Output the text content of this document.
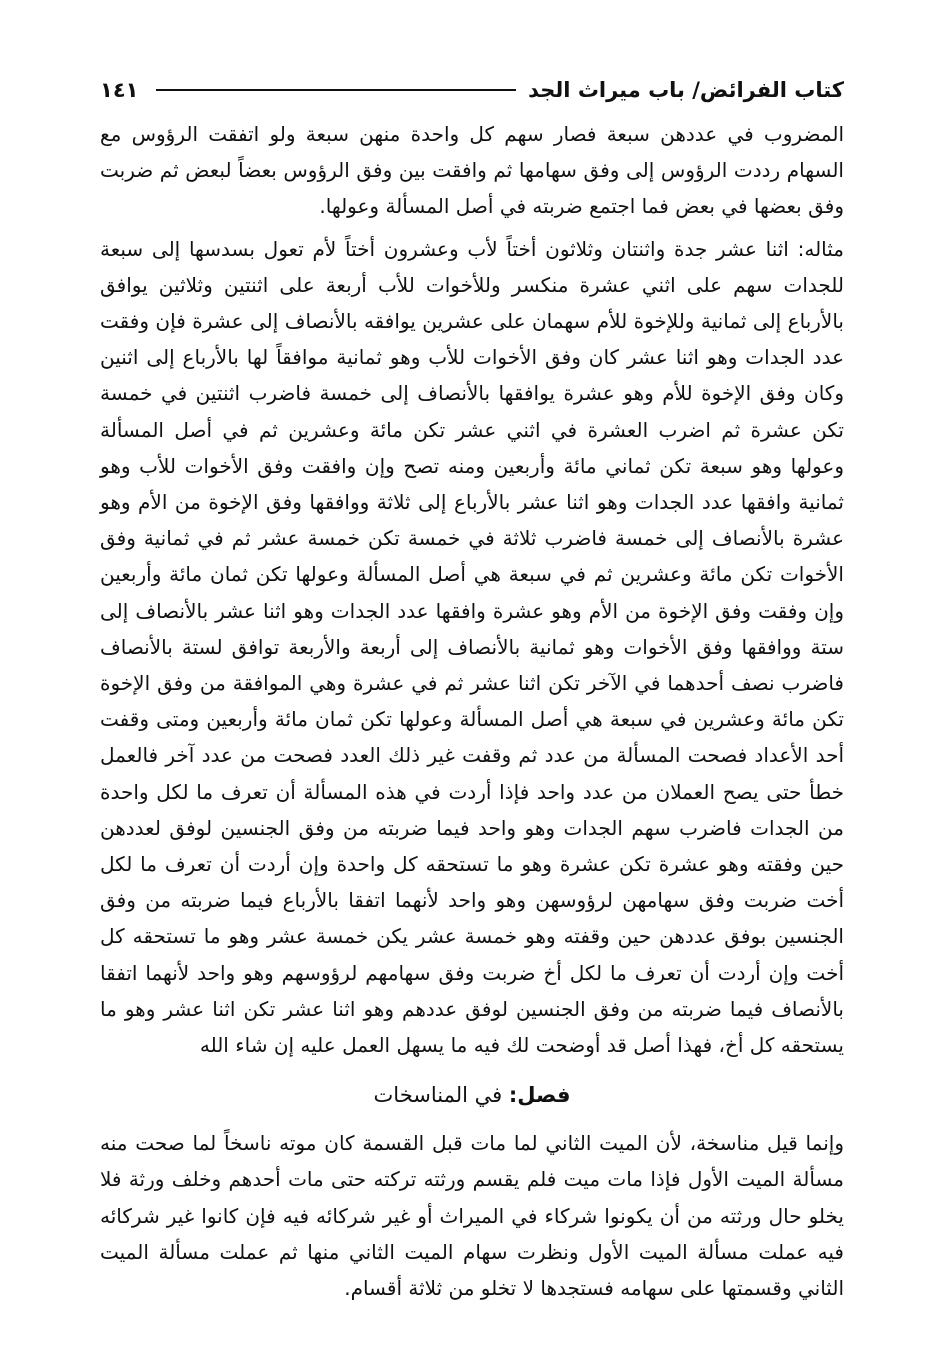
كتاب الفرائض/ باب ميراث الجد
١٤١

المضروب في عددهن سبعة فصار سهم كل واحدة منهن سبعة ولو اتفقت الرؤوس مع السهام رددت الرؤوس إلى وفق سهامها ثم وافقت بين وفق الرؤوس بعضاً لبعض ثم ضربت وفق بعضها في بعض فما اجتمع ضربته في أصل المسألة وعولها.

مثاله: اثنا عشر جدة واثنتان وثلاثون أختاً لأب وعشرون أختاً لأم تعول بسدسها إلى سبعة للجدات سهم على اثني عشرة منكسر وللأخوات للأب أربعة على اثنتين وثلاثين يوافق بالأرباع إلى ثمانية وللإخوة للأم سهمان على عشرين يوافقه بالأنصاف إلى عشرة فإن وفقت عدد الجدات وهو اثنا عشر كان وفق الأخوات للأب وهو ثمانية موافقاً لها بالأرباع إلى اثنين وكان وفق الإخوة للأم وهو عشرة يوافقها بالأنصاف إلى خمسة فاضرب اثنتين في خمسة تكن عشرة ثم اضرب العشرة في اثني عشر تكن مائة وعشرين ثم في أصل المسألة وعولها وهو سبعة تكن ثماني مائة وأربعين ومنه تصح وإن وافقت وفق الأخوات للأب وهو ثمانية وافقها عدد الجدات وهو اثنا عشر بالأرباع إلى ثلاثة ووافقها وفق الإخوة من الأم وهو عشرة بالأنصاف إلى خمسة فاضرب ثلاثة في خمسة تكن خمسة عشر ثم في ثمانية وفق الأخوات تكن مائة وعشرين ثم في سبعة هي أصل المسألة وعولها تكن ثمان مائة وأربعين وإن وفقت وفق الإخوة من الأم وهو عشرة وافقها عدد الجدات وهو اثنا عشر بالأنصاف إلى ستة ووافقها وفق الأخوات وهو ثمانية بالأنصاف إلى أربعة والأربعة توافق لستة بالأنصاف فاضرب نصف أحدهما في الآخر تكن اثنا عشر ثم في عشرة وهي الموافقة من وفق الإخوة تكن مائة وعشرين في سبعة هي أصل المسألة وعولها تكن ثمان مائة وأربعين ومتى وقفت أحد الأعداد فصحت المسألة من عدد ثم وقفت غير ذلك العدد فصحت من عدد آخر فالعمل خطأ حتى يصح العملان من عدد واحد فإذا أردت في هذه المسألة أن تعرف ما لكل واحدة من الجدات فاضرب سهم الجدات وهو واحد فيما ضربته من وفق الجنسين لوفق لعددهن حين وفقته وهو عشرة تكن عشرة وهو ما تستحقه كل واحدة وإن أردت أن تعرف ما لكل أخت ضربت وفق سهامهن لرؤوسهن وهو واحد لأنهما اتفقا بالأرباع فيما ضربته من وفق الجنسين بوفق عددهن حين وقفته وهو خمسة عشر يكن خمسة عشر وهو ما تستحقه كل أخت وإن أردت أن تعرف ما لكل أخ ضربت وفق سهامهم لرؤوسهم وهو واحد لأنهما اتفقا بالأنصاف فيما ضربته من وفق الجنسين لوفق عددهم وهو اثنا عشر تكن اثنا عشر وهو ما يستحقه كل أخ، فهذا أصل قد أوضحت لك فيه ما يسهل العمل عليه إن شاء الله

فصل: في المناسخات

وإنما قيل مناسخة، لأن الميت الثاني لما مات قبل القسمة كان موته ناسخاً لما صحت منه مسألة الميت الأول فإذا مات ميت فلم يقسم ورثته تركته حتى مات أحدهم وخلف ورثة فلا يخلو حال ورثته من أن يكونوا شركاء في الميراث أو غير شركائه فيه فإن كانوا غير شركائه فيه عملت مسألة الميت الأول ونظرت سهام الميت الثاني منها ثم عملت مسألة الميت الثاني وقسمتها على سهامه فستجدها لا تخلو من ثلاثة أقسام.
